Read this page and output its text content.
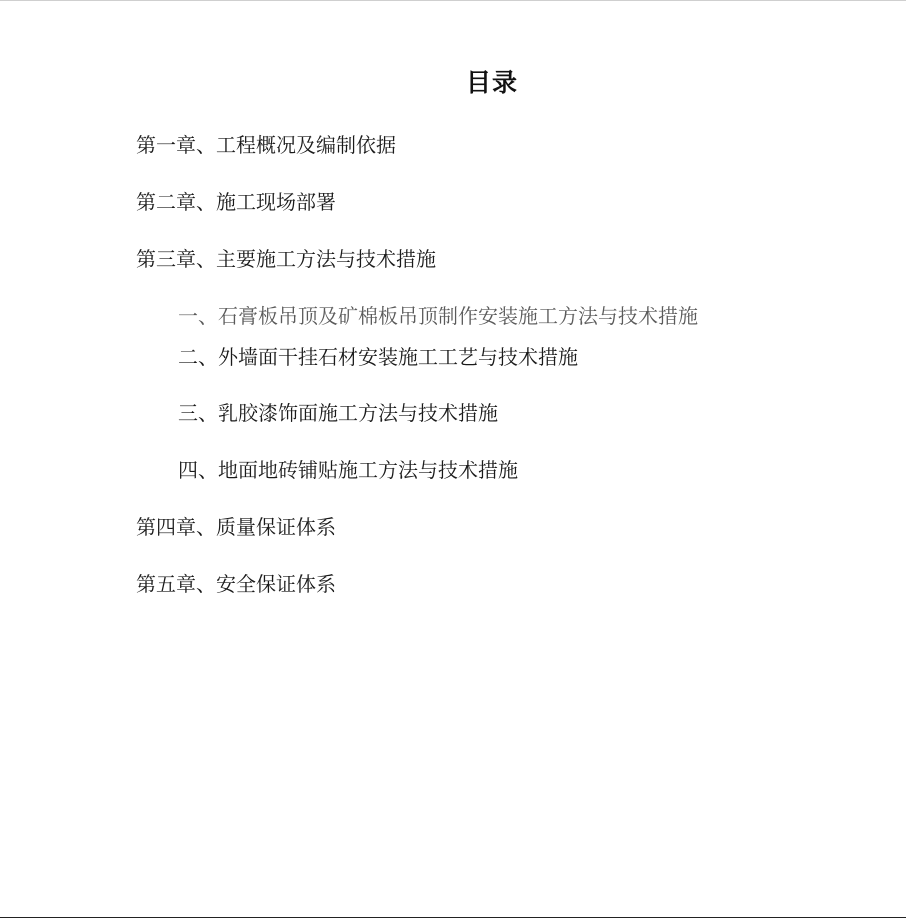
目录
第一章、工程概况及编制依据
第二章、施工现场部署
第三章、主要施工方法与技术措施
一、石膏板吊顶及矿棉板吊顶制作安装施工方法与技术措施
二、外墙面干挂石材安装施工工艺与技术措施
三、乳胶漆饰面施工方法与技术措施
四、地面地砖铺贴施工方法与技术措施
第四章、质量保证体系
第五章、安全保证体系
